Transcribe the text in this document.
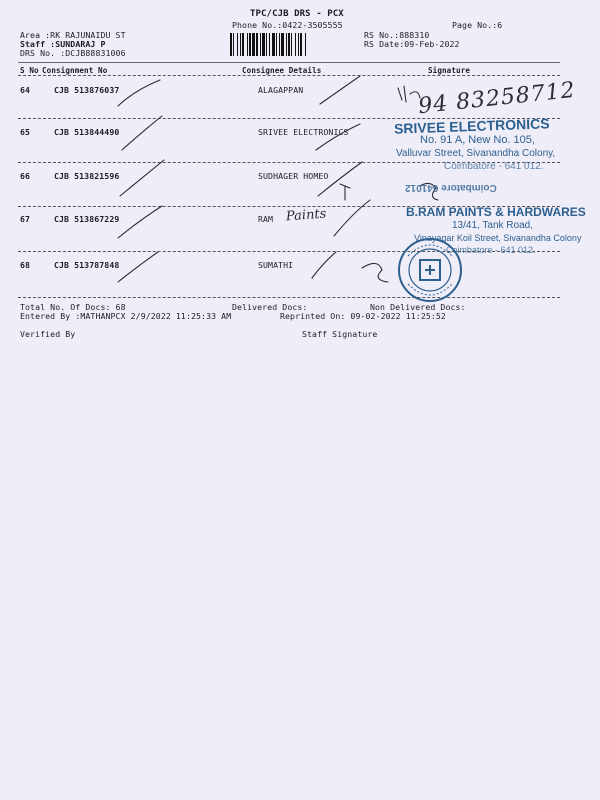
TPC/CJB DRS - PCX
Phone No.:0422-3505555	Page No.:6
Area :RK RAJUNAIDU ST
Staff :SUNDARAJ P
DRS No. :DCJB88831006
RS No.:888310
RS Date:09-Feb-2022
S No Consignment No	Consignee Details	Signature
64	CJB 513876037	ALAGAPPAN
65	CJB 513844490	SRIVEE ELECTRONICS
66	CJB 513821596	SUDHAGER HOMEO
67	CJB 513867229	RAM
68	CJB 513787848	SUMATHI
Total No. Of Docs: 68	Delivered Docs:	Non Delivered Docs:
Entered By :MATHANPCX 2/9/2022 11:25:33 AM	Reprinted On: 09-02-2022 11:25:52
Verified By	Staff Signature
94 83258712
Paints
SRIVEE ELECTRONICS
No. 91 A, New No. 105,
Valluvar Street, Sivanandha Colony,
Coimbatore - 641 012.
Coimbatore 641012
B.RAM PAINTS & HARDWARES
13/41, Tank Road,
Vinayagar Koil Street, Sivanandha Colony
Coimbatore - 641 012.
